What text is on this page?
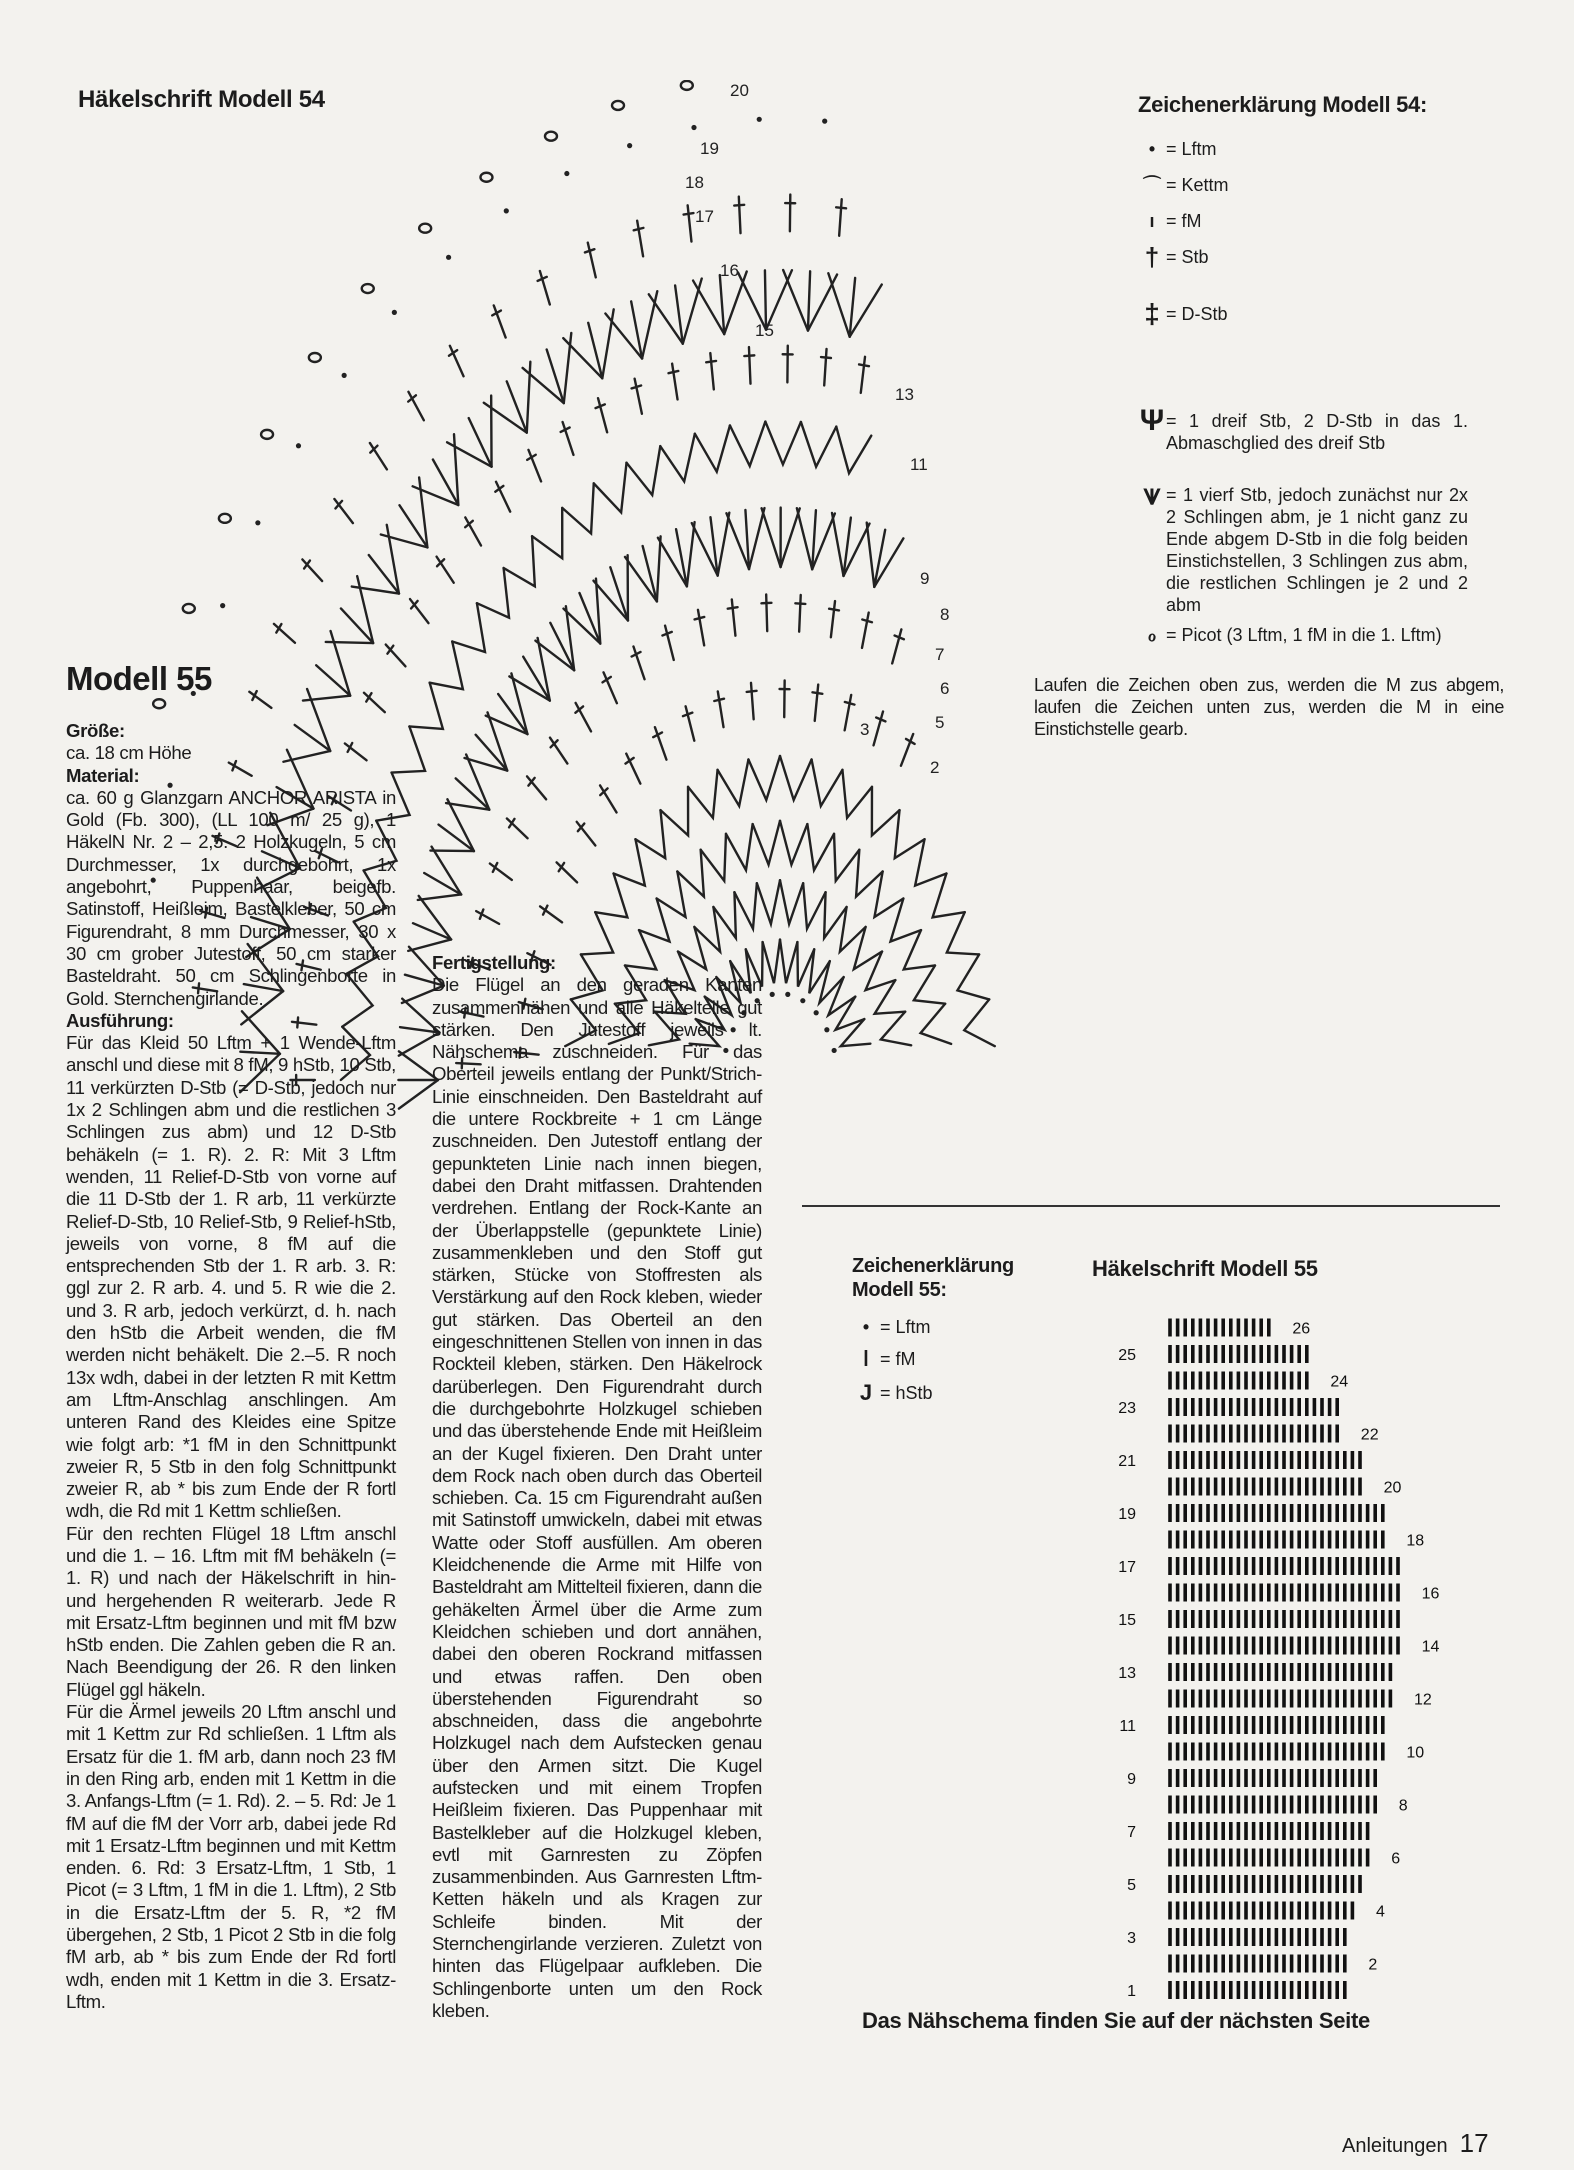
Häkelschrift Modell 54	Zeichenerklärung Modell 54:
• = Lftm
⌒ = Kettm
ı = fM
† = Stb
‡ = D-Stb
Ψ = 1 dreif Stb, 2 D-Stb in das 1. Abmaschglied des dreif Stb
⩛ = 1 vierf Stb, jedoch zunächst nur 2x 2 Schlingen abm, je 1 nicht ganz zu Ende abgem D-Stb in die folg beiden Einstichstellen, 3 Schlingen zus abm, die restlichen Schlingen je 2 und 2 abm
ℴ = Picot (3 Lftm, 1 fM in die 1. Lftm)
Laufen die Zeichen oben zus, werden die M zus abgem, laufen die Zeichen unten zus, werden die M in eine Einstichstelle gearb.
20
19
18
17
16
15
13
11
9
8
7
6
5
3
2
Modell 55

Größe:

ca. 18 cm Höhe

Material:

ca. 60 g Glanzgarn ANCHOR ARISTA in Gold (Fb. 300), (LL 100 m/ 25 g), 1 HäkelN Nr. 2 – 2,5. 2 Holzkugeln, 5 cm Durchmesser, 1x durchgebohrt, 1x angebohrt, Puppenhaar, beigefb. Satinstoff, Heißleim, Bastelkleber, 50 cm Figurendraht, 8 mm Durchmesser, 30 x 30 cm grober Jutestoff, 50 cm starker Basteldraht. 50 cm Schlingenborte in Gold. Sternchengirlande.

Ausführung:

Für das Kleid 50 Lftm + 1 Wende-Lftm anschl und diese mit 8 fM, 9 hStb, 10 Stb, 11 verkürzten D-Stb (= D-Stb, jedoch nur 1x 2 Schlingen abm und die restlichen 3 Schlingen zus abm) und 12 D-Stb behäkeln (= 1. R). 2. R: Mit 3 Lftm wenden, 11 Relief-D-Stb von vorne auf die 11 D-Stb der 1. R arb, 11 verkürzte Relief-D-Stb, 10 Relief-Stb, 9 Relief-hStb, jeweils von vorne, 8 fM auf die entsprechenden Stb der 1. R arb. 3. R: ggl zur 2. R arb. 4. und 5. R wie die 2. und 3. R arb, jedoch verkürzt, d. h. nach den hStb die Arbeit wenden, die fM werden nicht behäkelt. Die 2.–5. R noch 13x wdh, dabei in der letzten R mit Kettm am Lftm-Anschlag anschlingen. Am unteren Rand des Kleides eine Spitze wie folgt arb: *1 fM in den Schnittpunkt zweier R, 5 Stb in den folg Schnittpunkt zweier R, ab * bis zum Ende der R fortl wdh, die Rd mit 1 Kettm schließen.

Für den rechten Flügel 18 Lftm anschl und die 1. – 16. Lftm mit fM behäkeln (= 1. R) und nach der Häkelschrift in hin- und hergehenden R weiterarb. Jede R mit Ersatz-Lftm beginnen und mit fM bzw hStb enden. Die Zahlen geben die R an. Nach Beendigung der 26. R den linken Flügel ggl häkeln.

Für die Ärmel jeweils 20 Lftm anschl und mit 1 Kettm zur Rd schließen. 1 Lftm als Ersatz für die 1. fM arb, dann noch 23 fM in den Ring arb, enden mit 1 Kettm in die 3. Anfangs-Lftm (= 1. Rd). 2. – 5. Rd: Je 1 fM auf die fM der Vorr arb, dabei jede Rd mit 1 Ersatz-Lftm beginnen und mit Kettm enden. 6. Rd: 3 Ersatz-Lftm, 1 Stb, 1 Picot (= 3 Lftm, 1 fM in die 1. Lftm), 2 Stb in die Ersatz-Lftm der 5. R, *2 fM übergehen, 2 Stb, 1 Picot 2 Stb in die folg fM arb, ab * bis zum Ende der Rd fortl wdh, enden mit 1 Kettm in die 3. Ersatz-Lftm.

Fertigstellung:

Die Flügel an den geraden Kanten zusammennähen und alle Häkelteile gut stärken. Den Jutestoff jeweils lt. Nähschema zuschneiden. Für das Oberteil jeweils entlang der Punkt/Strich-Linie einschneiden. Den Basteldraht auf die untere Rockbreite + 1 cm Länge zuschneiden. Den Jutestoff entlang der gepunkteten Linie nach innen biegen, dabei den Draht mitfassen. Drahtenden verdrehen. Entlang der Rock-Kante an der Überlappstelle (gepunktete Linie) zusammenkleben und den Stoff gut stärken, Stücke von Stoffresten als Verstärkung auf den Rock kleben, wieder gut stärken. Das Oberteil an den eingeschnittenen Stellen von innen in das Rockteil kleben, stärken. Den Häkelrock darüberlegen. Den Figurendraht durch die durchgebohrte Holzkugel schieben und das überstehende Ende mit Heißleim an der Kugel fixieren. Den Draht unter dem Rock nach oben durch das Oberteil schieben. Ca. 15 cm Figurendraht außen mit Satinstoff umwickeln, dabei mit etwas Watte oder Stoff ausfüllen. Am oberen Kleidchenende die Arme mit Hilfe von Basteldraht am Mittelteil fixieren, dann die gehäkelten Ärmel über die Arme zum Kleidchen schieben und dort annähen, dabei den oberen Rockrand mitfassen und etwas raffen. Den oben überstehenden Figurendraht so abschneiden, dass die angebohrte Holzkugel nach dem Aufstecken genau über den Armen sitzt. Die Kugel aufstecken und mit einem Tropfen Heißleim fixieren. Das Puppenhaar mit Bastelkleber auf die Holzkugel kleben, evtl mit Garnresten zu Zöpfen zusammenbinden. Aus Garnresten Lftm-Ketten häkeln und als Kragen zur Schleife binden. Mit der Sternchengirlande verzieren. Zuletzt von hinten das Flügelpaar aufkleben. Die Schlingenborte unten um den Rock kleben.

Zeichenerklärung
Modell 55:
• = Lftm
ǀ = fM
J = hStb
Häkelschrift Modell 55
1
2
3
4
5
6
7
8
9
10
11
12
13
14
15
16
17
18
19
20
21
22
23
24
25
26
Das Nähschema finden Sie auf der nächsten Seite
Anleitungen 17
